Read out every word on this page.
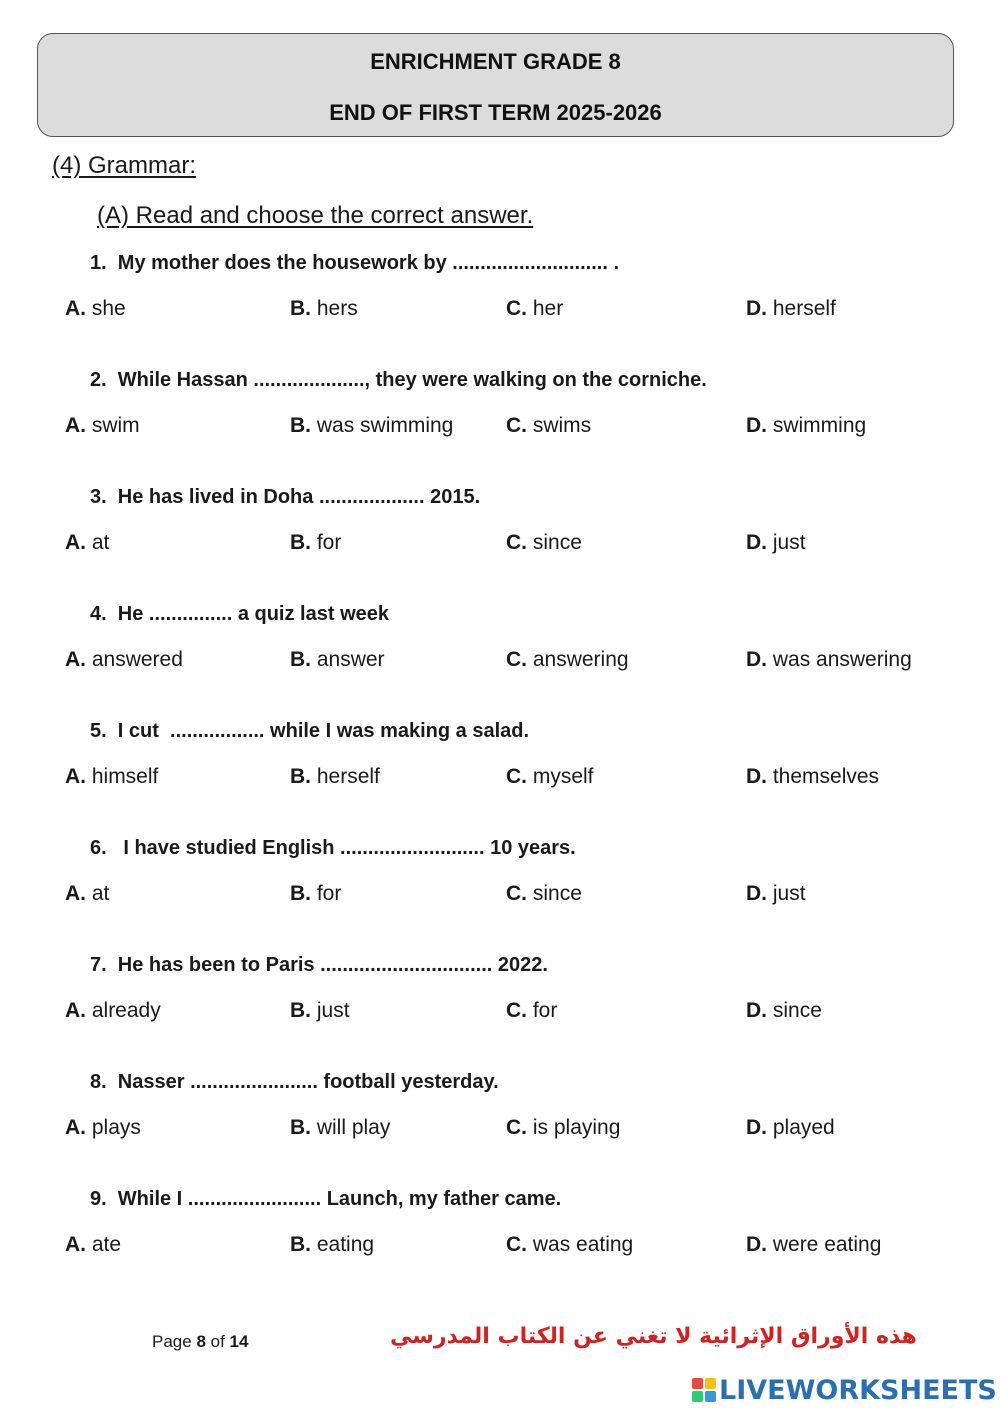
ENRICHMENT GRADE 8
END OF FIRST TERM 2025-2026
(4) Grammar:
(A) Read and choose the correct answer.
1.  My mother does the housework by ............................ .
A. she	B. hers	C. her	D. herself
2.  While Hassan ...................., they were walking on the corniche.
A. swim	B. was swimming	C. swims	D. swimming
3.  He has lived in Doha ................... 2015.
A. at	B. for	C. since	D. just
4.  He ............... a quiz last week
A. answered	B. answer	C. answering	D. was answering
5.  I cut  ................. while I was making a salad.
A. himself	B. herself	C. myself	D. themselves
6.   I have studied English .......................... 10 years.
A. at	B. for	C. since	D. just
7.  He has been to Paris ............................... 2022.
A. already	B. just	C. for	D. since
8.  Nasser ....................... football yesterday.
A. plays	B. will play	C. is playing	D. played
9.  While I ........................ Launch, my father came.
A. ate	B. eating	C. was eating	D. were eating
Page 8 of 14	هذه الأوراق الإثرائية لا تغني عن الكتاب المدرسي
LIVEWORKSHEETS
